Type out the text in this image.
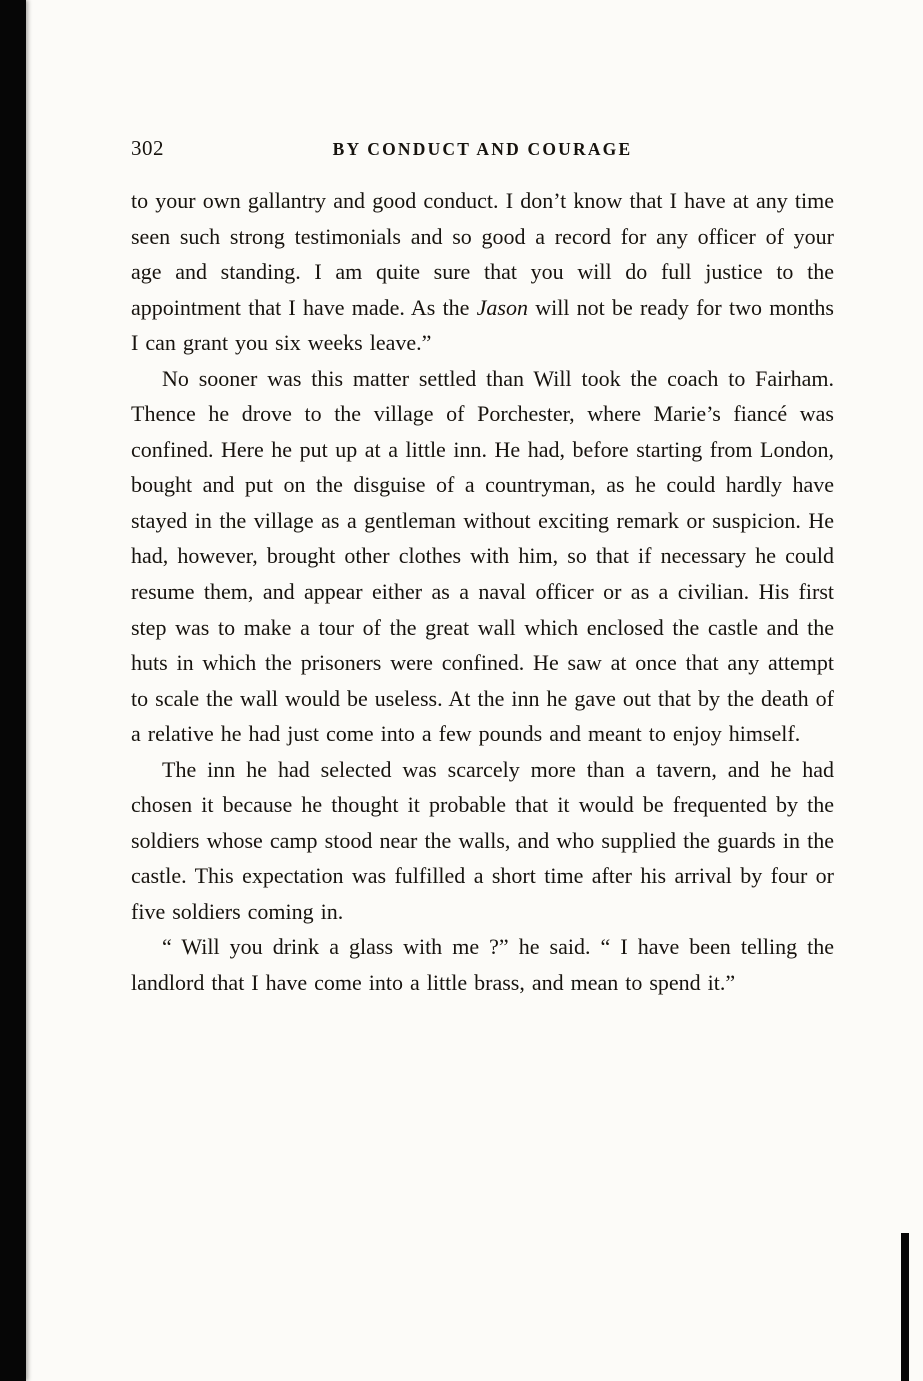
302	BY CONDUCT AND COURAGE

to your own gallantry and good conduct. I don’t know that I have at any time seen such strong testimonials and so good a record for any officer of your age and standing. I am quite sure that you will do full justice to the appointment that I have made. As the Jason will not be ready for two months I can grant you six weeks leave.”

No sooner was this matter settled than Will took the coach to Fairham. Thence he drove to the village of Porchester, where Marie’s fiancé was confined. Here he put up at a little inn. He had, before starting from London, bought and put on the disguise of a countryman, as he could hardly have stayed in the village as a gentleman without exciting remark or suspicion. He had, however, brought other clothes with him, so that if necessary he could resume them, and appear either as a naval officer or as a civilian. His first step was to make a tour of the great wall which enclosed the castle and the huts in which the prisoners were confined. He saw at once that any attempt to scale the wall would be useless. At the inn he gave out that by the death of a relative he had just come into a few pounds and meant to enjoy himself.

The inn he had selected was scarcely more than a tavern, and he had chosen it because he thought it probable that it would be frequented by the soldiers whose camp stood near the walls, and who supplied the guards in the castle. This expectation was fulfilled a short time after his arrival by four or five soldiers coming in.

“ Will you drink a glass with me ?” he said. “ I have been telling the landlord that I have come into a little brass, and mean to spend it.”
